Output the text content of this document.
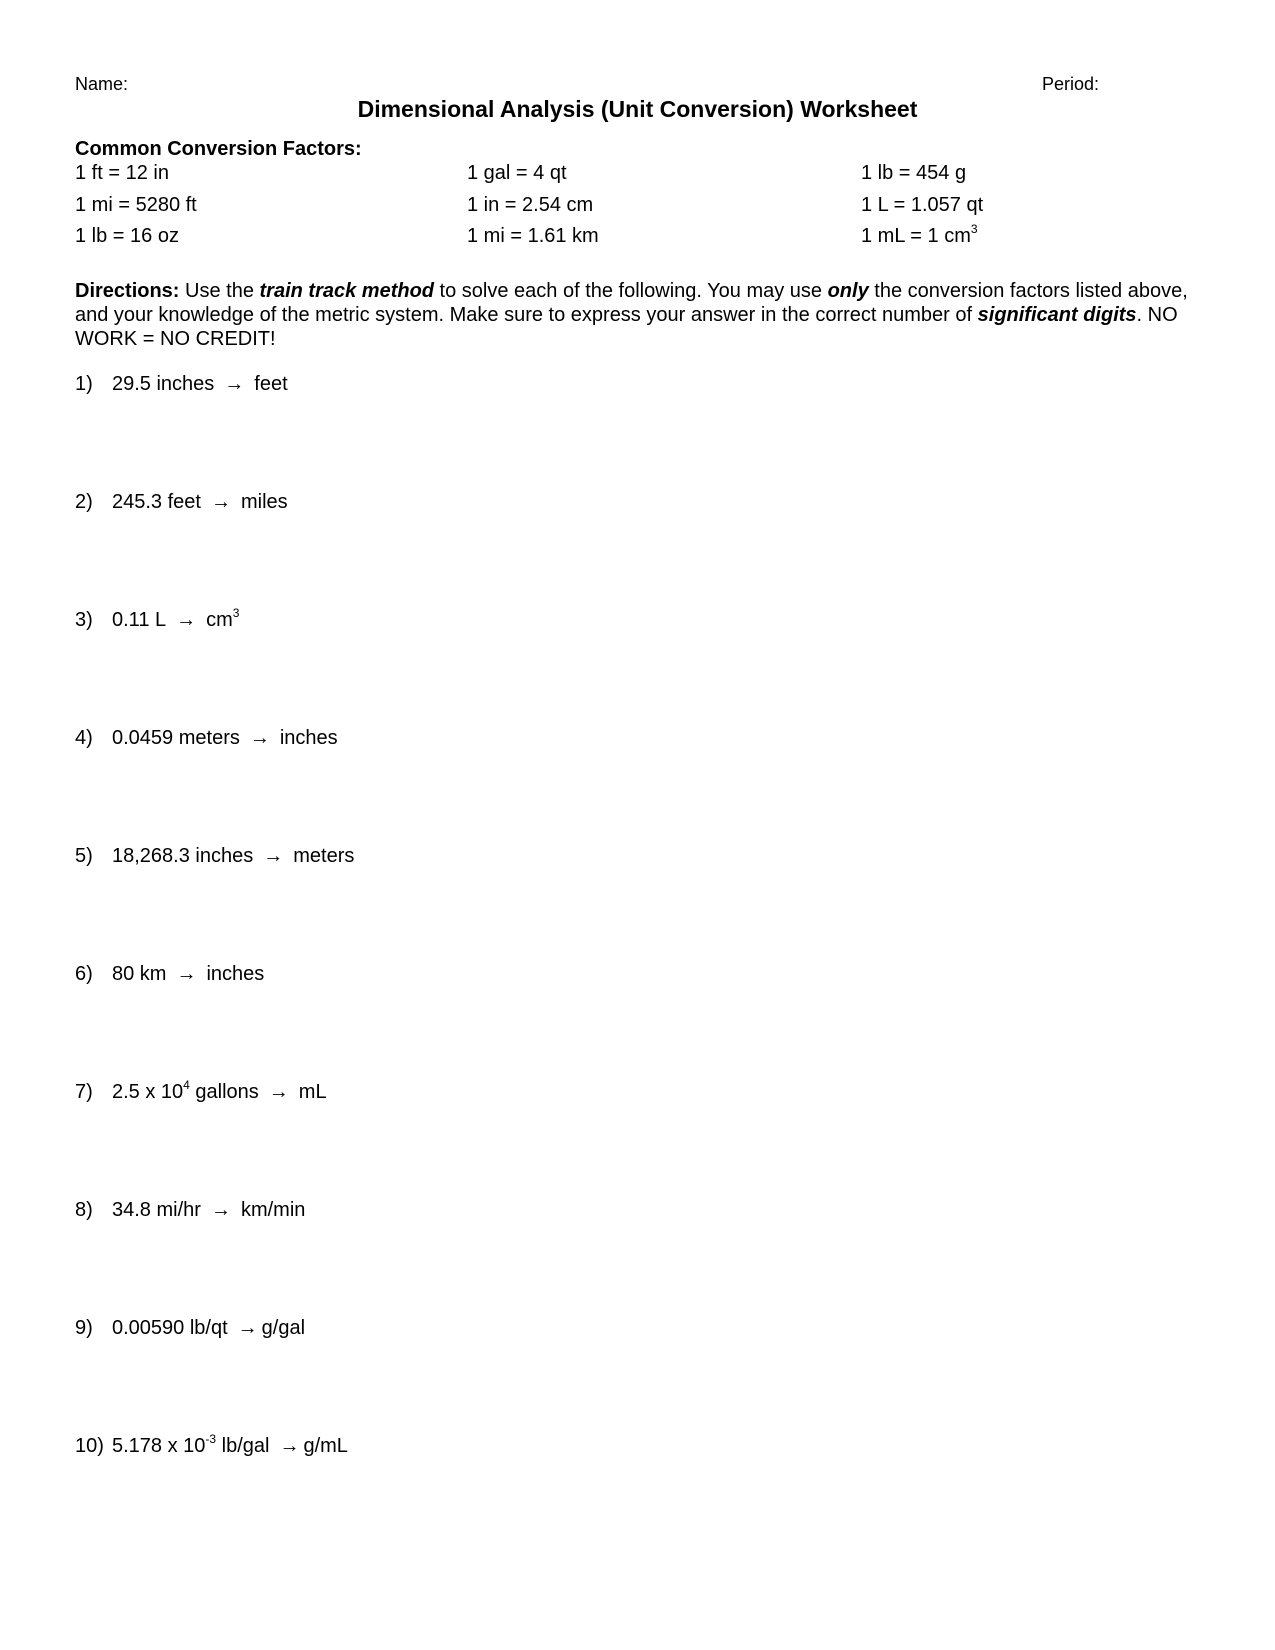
Name:	Period:
Dimensional Analysis (Unit Conversion) Worksheet
Common Conversion Factors:
1 ft = 12 in	1 gal = 4 qt	1 lb = 454 g
1 mi = 5280 ft	1 in = 2.54 cm	1 L = 1.057 qt
1 lb = 16 oz	1 mi = 1.61 km	1 mL = 1 $cm^3$
Directions: Use the train track method to solve each of the following. You may use only the conversion factors listed above, and your knowledge of the metric system. Make sure to express your answer in the correct number of significant digits. NO WORK = NO CREDIT!
1) 29.5 inches → feet
2) 245.3 feet → miles
3) 0.11 $L \to cm^3$
4) 0.0459 meters → inches
5) 18,268.3 inches → meters
6) 80 km → inches
7) 2.5 x $10^4$ gallons → mL
8) 34.8 mi/hr → km/min
9) 0.00590 lb/qt → g/gal
10) 5.178 x $10^{-3}$ lb/gal → g/mL
